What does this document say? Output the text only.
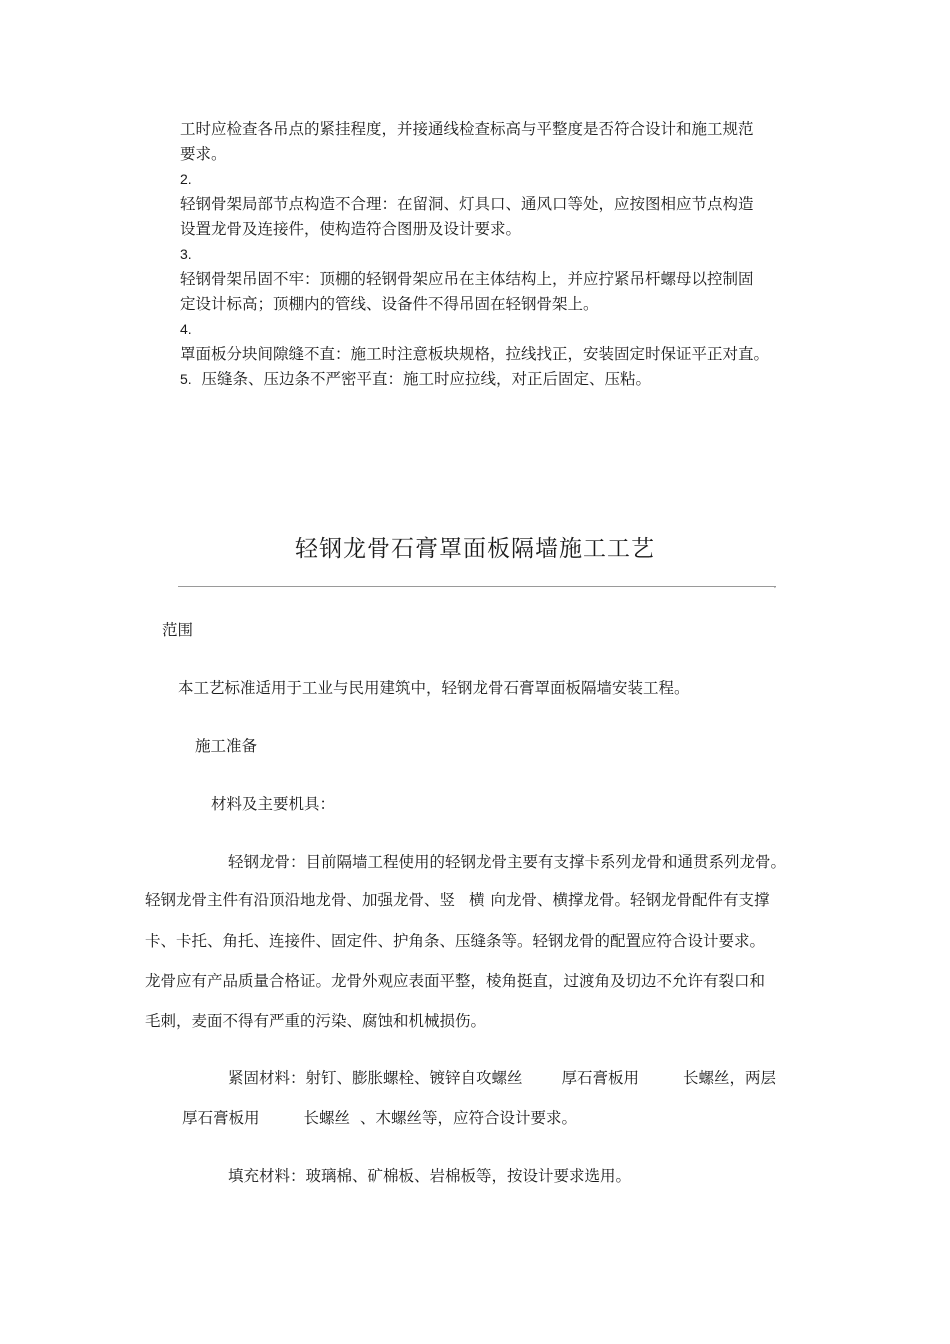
工时应检查各吊点的紧挂程度，并接通线检查标高与平整度是否符合设计和施工规范
要求。
2.
轻钢骨架局部节点构造不合理：在留洞、灯具口、通风口等处，应按图相应节点构造
设置龙骨及连接件，使构造符合图册及设计要求。
3.
轻钢骨架吊固不牢：顶棚的轻钢骨架应吊在主体结构上，并应拧紧吊杆螺母以控制固
定设计标高；顶棚内的管线、设备件不得吊固在轻钢骨架上。
4.
罩面板分块间隙缝不直：施工时注意板块规格，拉线找正，安装固定时保证平正对直。
5. 压缝条、压边条不严密平直：施工时应拉线，对正后固定、压粘。
轻钢龙骨石膏罩面板隔墙施工工艺
,
范围
本工艺标准适用于工业与民用建筑中，轻钢龙骨石膏罩面板隔墙安装工程。
施工准备
材料及主要机具：
轻钢龙骨：目前隔墙工程使用的轻钢龙骨主要有支撑卡系列龙骨和通贯系列龙骨。
轻钢龙骨主件有沿顶沿地龙骨、加强龙骨、竖 横 向龙骨、横撑龙骨。轻钢龙骨配件有支撑
卡、卡托、角托、连接件、固定件、护角条、压缝条等。轻钢龙骨的配置应符合设计要求。
龙骨应有产品质量合格证。龙骨外观应表面平整，棱角挺直，过渡角及切边不允许有裂口和
毛刺，麦面不得有严重的污染、腐蚀和机械损伤。
紧固材料：射钉、膨胀螺栓、镀锌自攻螺丝	厚石膏板用	长螺丝，两层
厚石膏板用	长螺丝 、木螺丝等，应符合设计要求。
填充材料：玻璃棉、矿棉板、岩棉板等，按设计要求选用。
